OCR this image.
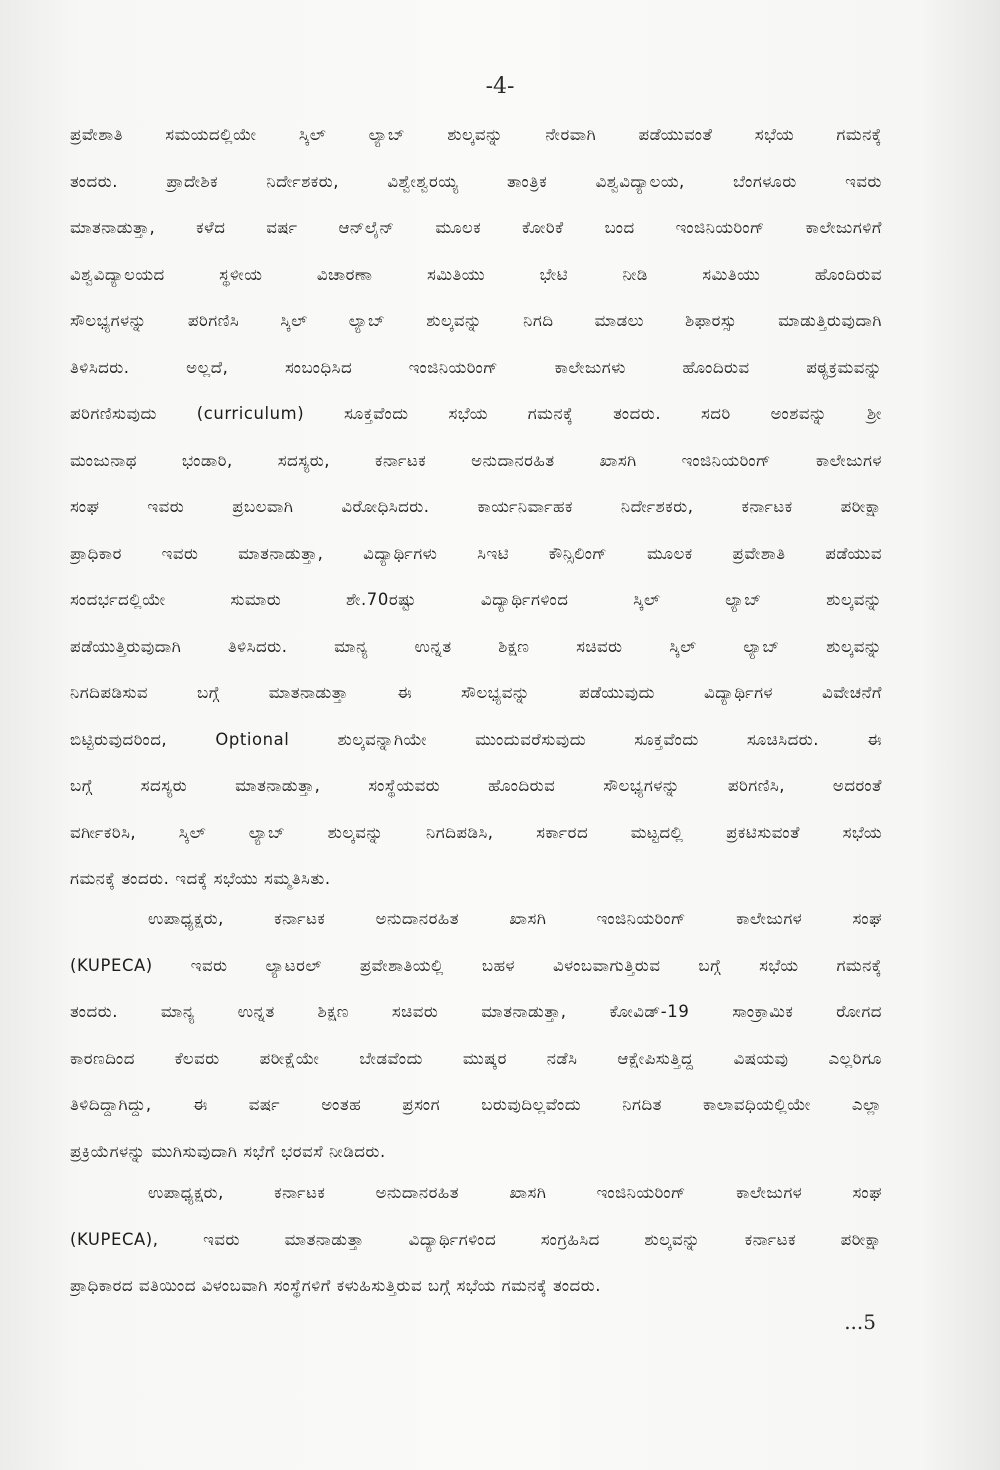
-4-
ಪ್ರವೇಶಾತಿ ಸಮಯದಲ್ಲಿಯೇ ಸ್ಕಿಲ್ ಲ್ಯಾಬ್ ಶುಲ್ಕವನ್ನು ನೇರವಾಗಿ ಪಡೆಯುವಂತೆ ಸಭೆಯ ಗಮನಕ್ಕೆ
ತಂದರು. ಪ್ರಾದೇಶಿಕ ನಿರ್ದೇಶಕರು, ವಿಶ್ವೇಶ್ವರಯ್ಯ ತಾಂತ್ರಿಕ ವಿಶ್ವವಿದ್ಯಾಲಯ, ಬೆಂಗಳೂರು ಇವರು
ಮಾತನಾಡುತ್ತಾ, ಕಳೆದ ವರ್ಷ ಆನ್‌ಲೈನ್ ಮೂಲಕ ಕೋರಿಕೆ ಬಂದ ಇಂಜಿನಿಯರಿಂಗ್ ಕಾಲೇಜುಗಳಿಗೆ
ವಿಶ್ವವಿದ್ಯಾಲಯದ ಸ್ಥಳೀಯ ವಿಚಾರಣಾ ಸಮಿತಿಯು ಭೇಟಿ ನೀಡಿ ಸಮಿತಿಯು ಹೊಂದಿರುವ
ಸೌಲಭ್ಯಗಳನ್ನು ಪರಿಗಣಿಸಿ ಸ್ಕಿಲ್ ಲ್ಯಾಬ್ ಶುಲ್ಕವನ್ನು ನಿಗದಿ ಮಾಡಲು ಶಿಫಾರಸ್ಸು ಮಾಡುತ್ತಿರುವುದಾಗಿ
ತಿಳಿಸಿದರು. ಅಲ್ಲದೆ, ಸಂಬಂಧಿಸಿದ ಇಂಜಿನಿಯರಿಂಗ್ ಕಾಲೇಜುಗಳು ಹೊಂದಿರುವ ಪಠ್ಯಕ್ರಮವನ್ನು
ಪರಿಗಣಿಸುವುದು (curriculum) ಸೂಕ್ತವೆಂದು ಸಭೆಯ ಗಮನಕ್ಕೆ ತಂದರು. ಸದರಿ ಅಂಶವನ್ನು ಶ್ರೀ
ಮಂಜುನಾಥ ಭಂಡಾರಿ, ಸದಸ್ಯರು, ಕರ್ನಾಟಕ ಅನುದಾನರಹಿತ ಖಾಸಗಿ ಇಂಜಿನಿಯರಿಂಗ್ ಕಾಲೇಜುಗಳ
ಸಂಘ ಇವರು ಪ್ರಬಲವಾಗಿ ವಿರೋಧಿಸಿದರು. ಕಾರ್ಯನಿರ್ವಾಹಕ ನಿರ್ದೇಶಕರು, ಕರ್ನಾಟಕ ಪರೀಕ್ಷಾ
ಪ್ರಾಧಿಕಾರ ಇವರು ಮಾತನಾಡುತ್ತಾ, ವಿದ್ಯಾರ್ಥಿಗಳು ಸಿಇಟಿ ಕೌನ್ಸಿಲಿಂಗ್ ಮೂಲಕ ಪ್ರವೇಶಾತಿ ಪಡೆಯುವ
ಸಂದರ್ಭದಲ್ಲಿಯೇ ಸುಮಾರು ಶೇ.70ರಷ್ಟು ವಿದ್ಯಾರ್ಥಿಗಳಿಂದ ಸ್ಕಿಲ್ ಲ್ಯಾಬ್ ಶುಲ್ಕವನ್ನು
ಪಡೆಯುತ್ತಿರುವುದಾಗಿ ತಿಳಿಸಿದರು. ಮಾನ್ಯ ಉನ್ನತ ಶಿಕ್ಷಣ ಸಚಿವರು ಸ್ಕಿಲ್ ಲ್ಯಾಬ್ ಶುಲ್ಕವನ್ನು
ನಿಗದಿಪಡಿಸುವ ಬಗ್ಗೆ ಮಾತನಾಡುತ್ತಾ ಈ ಸೌಲಭ್ಯವನ್ನು ಪಡೆಯುವುದು ವಿದ್ಯಾರ್ಥಿಗಳ ವಿವೇಚನೆಗೆ
ಬಿಟ್ಟಿರುವುದರಿಂದ, Optional ಶುಲ್ಕವನ್ನಾಗಿಯೇ ಮುಂದುವರೆಸುವುದು ಸೂಕ್ತವೆಂದು ಸೂಚಿಸಿದರು. ಈ
ಬಗ್ಗೆ ಸದಸ್ಯರು ಮಾತನಾಡುತ್ತಾ, ಸಂಸ್ಥೆಯವರು ಹೊಂದಿರುವ ಸೌಲಭ್ಯಗಳನ್ನು ಪರಿಗಣಿಸಿ, ಅದರಂತೆ
ವರ್ಗೀಕರಿಸಿ, ಸ್ಕಿಲ್ ಲ್ಯಾಬ್ ಶುಲ್ಕವನ್ನು ನಿಗದಿಪಡಿಸಿ, ಸರ್ಕಾರದ ಮಟ್ಟದಲ್ಲಿ ಪ್ರಕಟಿಸುವಂತೆ ಸಭೆಯ
ಗಮನಕ್ಕೆ ತಂದರು. ಇದಕ್ಕೆ ಸಭೆಯು ಸಮ್ಮತಿಸಿತು.
ಉಪಾಧ್ಯಕ್ಷರು, ಕರ್ನಾಟಕ ಅನುದಾನರಹಿತ ಖಾಸಗಿ ಇಂಜಿನಿಯರಿಂಗ್ ಕಾಲೇಜುಗಳ ಸಂಘ
(KUPECA) ಇವರು ಲ್ಯಾಟರಲ್ ಪ್ರವೇಶಾತಿಯಲ್ಲಿ ಬಹಳ ವಿಳಂಬವಾಗುತ್ತಿರುವ ಬಗ್ಗೆ ಸಭೆಯ ಗಮನಕ್ಕೆ
ತಂದರು. ಮಾನ್ಯ ಉನ್ನತ ಶಿಕ್ಷಣ ಸಚಿವರು ಮಾತನಾಡುತ್ತಾ, ಕೋವಿಡ್-19 ಸಾಂಕ್ರಾಮಿಕ ರೋಗದ
ಕಾರಣದಿಂದ ಕೆಲವರು ಪರೀಕ್ಷೆಯೇ ಬೇಡವೆಂದು ಮುಷ್ಕರ ನಡೆಸಿ ಆಕ್ಷೇಪಿಸುತ್ತಿದ್ದ ವಿಷಯವು ಎಲ್ಲರಿಗೂ
ತಿಳಿದಿದ್ದಾಗಿದ್ದು, ಈ ವರ್ಷ ಅಂತಹ ಪ್ರಸಂಗ ಬರುವುದಿಲ್ಲವೆಂದು ನಿಗದಿತ ಕಾಲಾವಧಿಯಲ್ಲಿಯೇ ಎಲ್ಲಾ
ಪ್ರಕ್ರಿಯೆಗಳನ್ನು ಮುಗಿಸುವುದಾಗಿ ಸಭೆಗೆ ಭರವಸೆ ನೀಡಿದರು.
ಉಪಾಧ್ಯಕ್ಷರು, ಕರ್ನಾಟಕ ಅನುದಾನರಹಿತ ಖಾಸಗಿ ಇಂಜಿನಿಯರಿಂಗ್ ಕಾಲೇಜುಗಳ ಸಂಘ
(KUPECA), ಇವರು ಮಾತನಾಡುತ್ತಾ ವಿದ್ಯಾರ್ಥಿಗಳಿಂದ ಸಂಗ್ರಹಿಸಿದ ಶುಲ್ಕವನ್ನು ಕರ್ನಾಟಕ ಪರೀಕ್ಷಾ
ಪ್ರಾಧಿಕಾರದ ವತಿಯಿಂದ ವಿಳಂಬವಾಗಿ ಸಂಸ್ಥೆಗಳಿಗೆ ಕಳುಹಿಸುತ್ತಿರುವ ಬಗ್ಗೆ ಸಭೆಯ ಗಮನಕ್ಕೆ ತಂದರು.
...5
